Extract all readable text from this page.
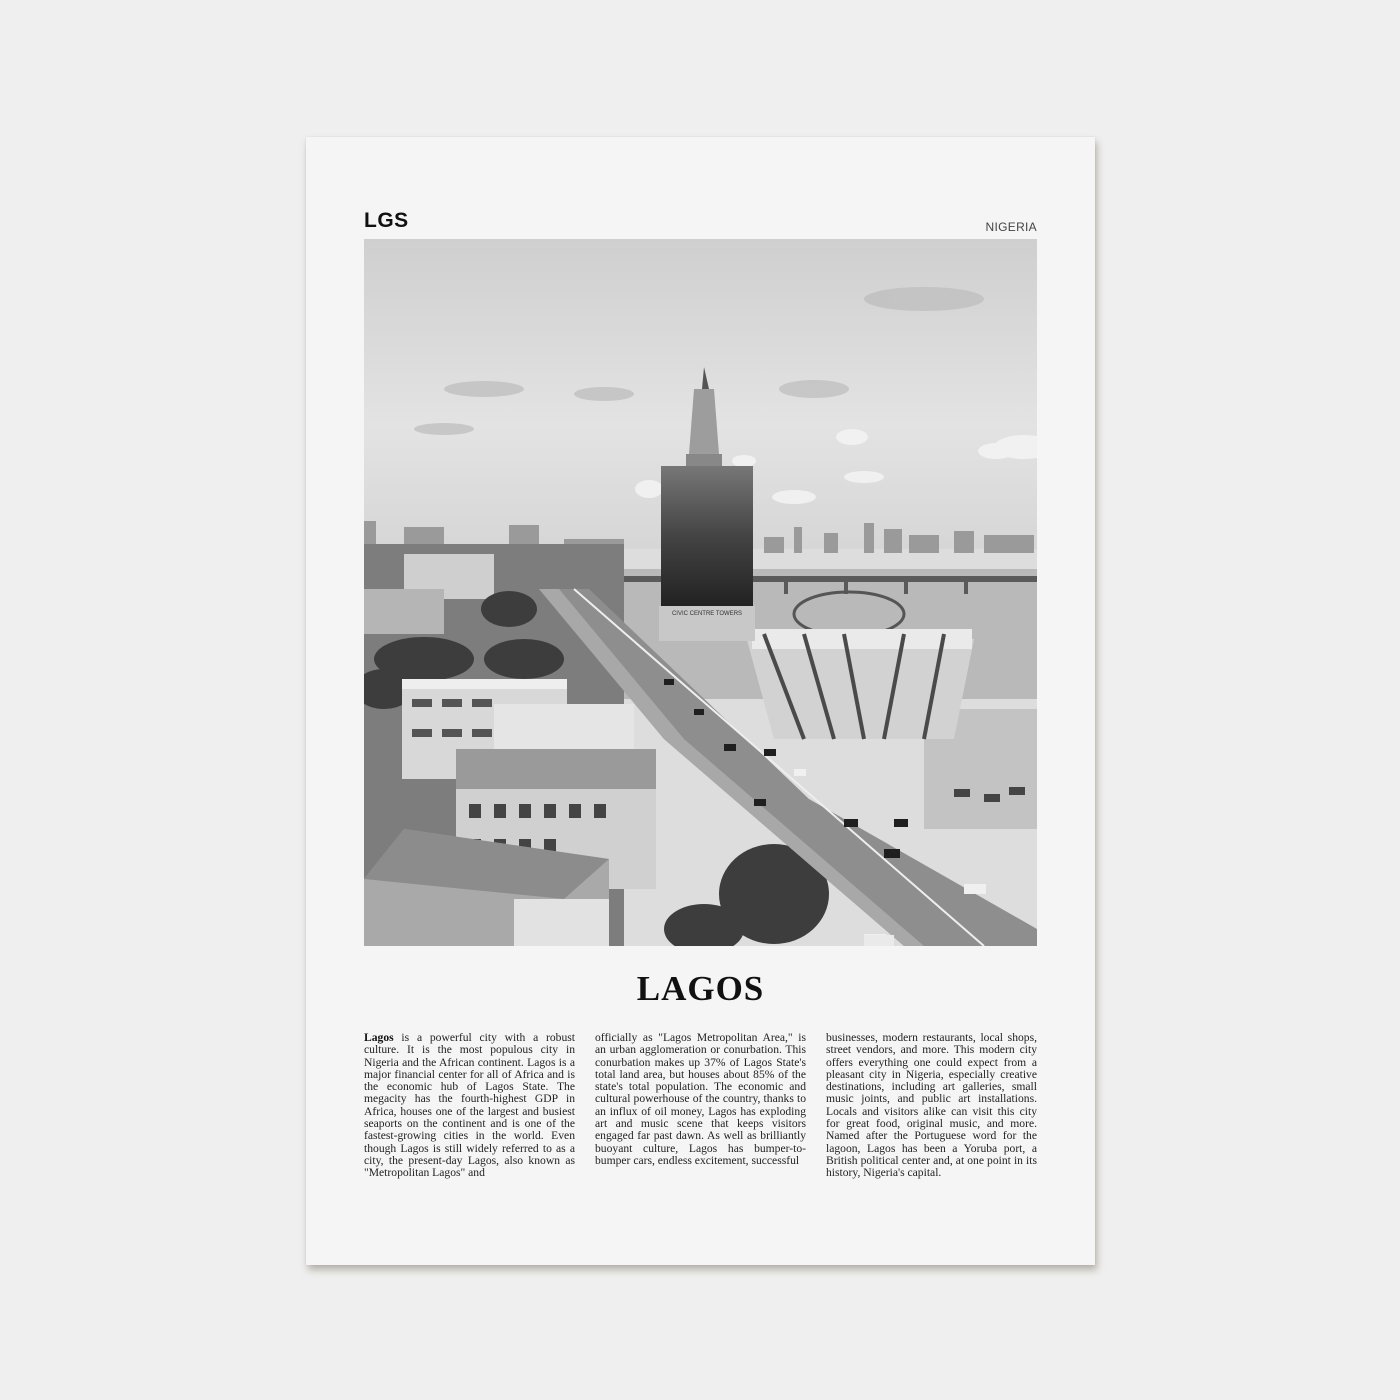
LGS	NIGERIA
CIVIC CENTRE TOWERS
LAGOS
Lagos is a powerful city with a robust culture. It is the most populous city in Nigeria and the African continent. Lagos is a major financial center for all of Africa and is the economic hub of Lagos State. The megacity has the fourth-highest GDP in Africa, houses one of the largest and busiest seaports on the continent and is one of the fastest-growing cities in the world. Even though Lagos is still widely referred to as a city, the present-day Lagos, also known as "Metropolitan Lagos" and
officially as "Lagos Metropolitan Area," is an urban agglomeration or conurbation. This conurbation makes up 37% of Lagos State's total land area, but houses about 85% of the state's total population. The economic and cultural powerhouse of the country, thanks to an influx of oil money, Lagos has exploding art and music scene that keeps visitors engaged far past dawn. As well as brilliantly buoyant culture, Lagos has bumper-to-bumper cars, endless excitement, successful
businesses, modern restaurants, local shops, street vendors, and more. This modern city offers everything one could expect from a pleasant city in Nigeria, especially creative destinations, including art galleries, small music joints, and public art installations. Locals and visitors alike can visit this city for great food, original music, and more. Named after the Portuguese word for the lagoon, Lagos has been a Yoruba port, a British political center and, at one point in its history, Nigeria's capital.
